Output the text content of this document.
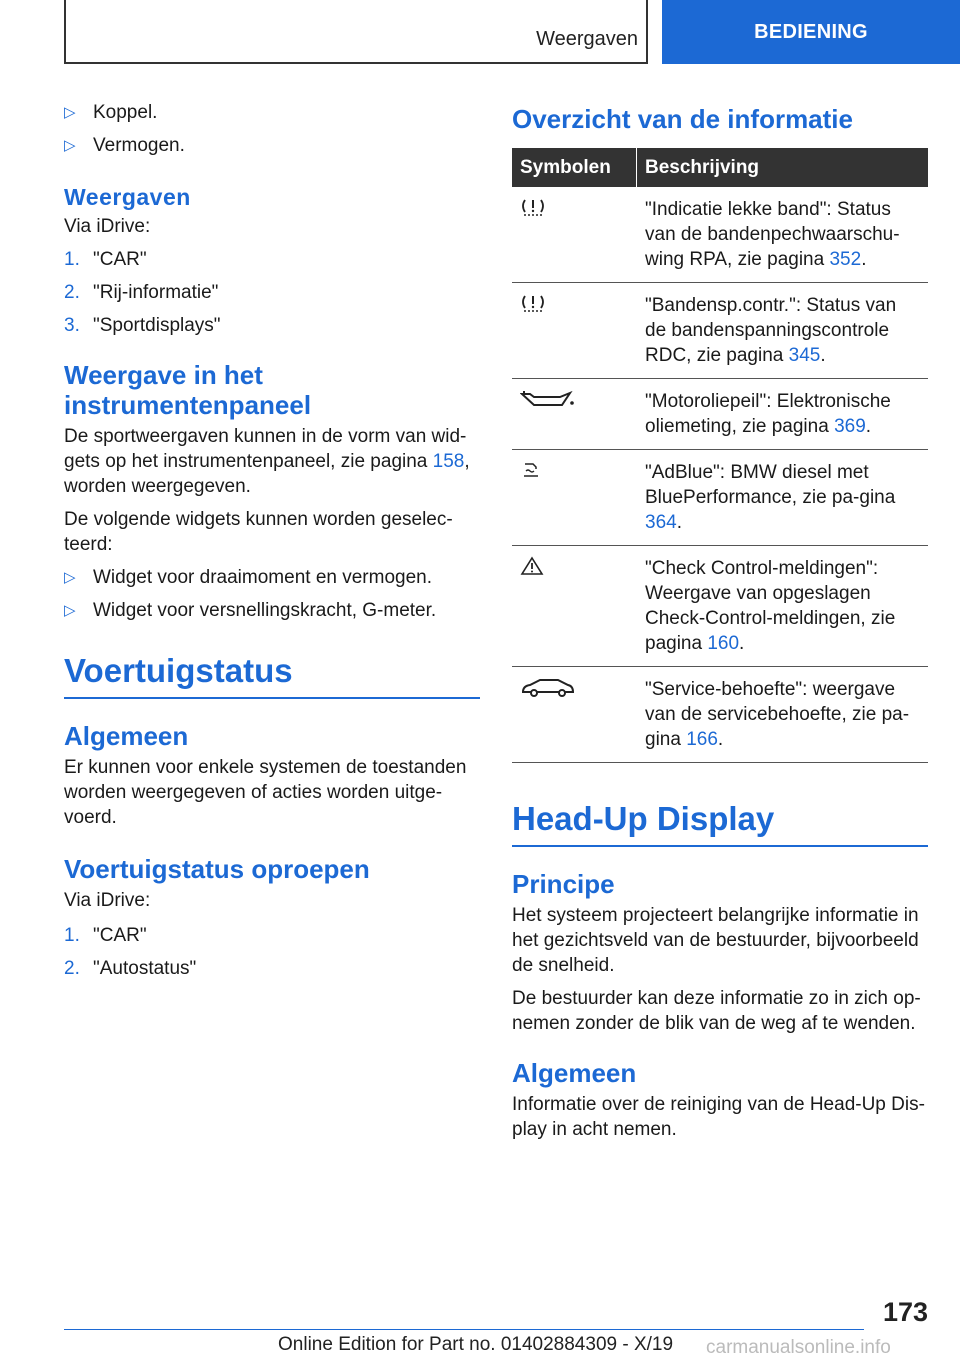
Weergaven	BEDIENING
▷ Koppel.
▷ Vermogen.
Weergaven

Via iDrive:

1. "CAR"
2. "Rij-informatie"
3. "Sportdisplays"
Weergave in het instrumentenpaneel

De sportweergaven kunnen in de vorm van wid-gets op het instrumentenpaneel, zie pagina 158, worden weergegeven.

De volgende widgets kunnen worden geselec-teerd:

▷ Widget voor draaimoment en vermogen.
▷ Widget voor versnellingskracht, G-meter.
Voertuigstatus
Algemeen

Er kunnen voor enkele systemen de toestanden worden weergegeven of acties worden uitge-voerd.

Voertuigstatus oproepen

Via iDrive:

1. "CAR"
2. "Autostatus"
Overzicht van de informatie
Symbolen	Beschrijving
	"Indicatie lekke band": Status van de bandenpechwaarschu-wing RPA, zie pagina 352.
	"Bandensp.contr.": Status van de bandenspanningscontrole RDC, zie pagina 345.
	"Motoroliepeil": Elektronische oliemeting, zie pagina 369.
	"AdBlue": BMW diesel met BluePerformance, zie pa-gina 364.
	"Check Control-meldingen": Weergave van opgeslagen Check-Control-meldingen, zie pagina 160.
	"Service-behoefte": weergave van de servicebehoefte, zie pa-gina 166.
Head-Up Display
Principe

Het systeem projecteert belangrijke informatie in het gezichtsveld van de bestuurder, bijvoorbeeld de snelheid.

De bestuurder kan deze informatie zo in zich op-nemen zonder de blik van de weg af te wenden.

Algemeen

Informatie over de reiniging van de Head-Up Dis-play in acht nemen.

173
Online Edition for Part no. 01402884309 - X/19 carmanualsonline.info
